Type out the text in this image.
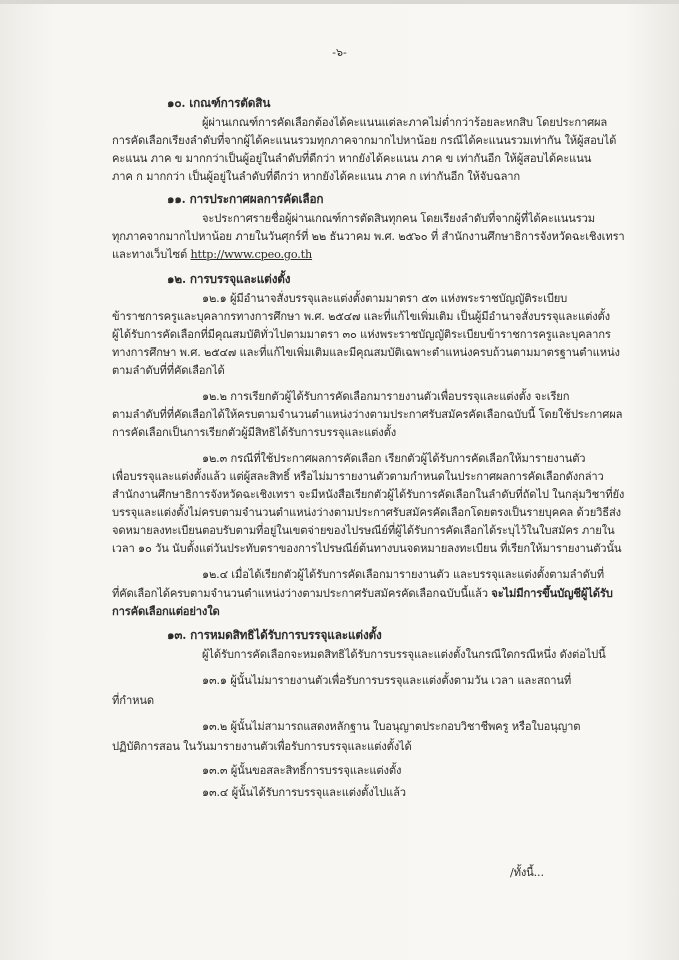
-๖-
๑๐. เกณฑ์การตัดสิน
ผู้ผ่านเกณฑ์การคัดเลือกต้องได้คะแนนแต่ละภาคไม่ต่ำกว่าร้อยละหกสิบ โดยประกาศผล
การคัดเลือกเรียงลำดับที่จากผู้ได้คะแนนรวมทุกภาคจากมากไปหาน้อย กรณีได้คะแนนรวมเท่ากัน ให้ผู้สอบได้
คะแนน ภาค ข มากกว่าเป็นผู้อยู่ในลำดับที่ดีกว่า หากยังได้คะแนน ภาค ข เท่ากันอีก ให้ผู้สอบได้คะแนน
ภาค ก มากกว่า เป็นผู้อยู่ในลำดับที่ดีกว่า หากยังได้คะแนน ภาค ก เท่ากันอีก ให้จับฉลาก
๑๑. การประกาศผลการคัดเลือก
จะประกาศรายชื่อผู้ผ่านเกณฑ์การตัดสินทุกคน โดยเรียงลำดับที่จากผู้ที่ได้คะแนนรวม
ทุกภาคจากมากไปหาน้อย ภายในวันศุกร์ที่ ๒๒ ธันวาคม พ.ศ. ๒๕๖๐ ที่ สำนักงานศึกษาธิการจังหวัดฉะเชิงเทรา
และทางเว็บไซต์ http://www.cpeo.go.th
๑๒. การบรรจุและแต่งตั้ง
๑๒.๑ ผู้มีอำนาจสั่งบรรจุและแต่งตั้งตามมาตรา ๕๓ แห่งพระราชบัญญัติระเบียบ
ข้าราชการครูและบุคลากรทางการศึกษา พ.ศ. ๒๕๔๗ และที่แก้ไขเพิ่มเติม เป็นผู้มีอำนาจสั่งบรรจุและแต่งตั้ง
ผู้ได้รับการคัดเลือกที่มีคุณสมบัติทั่วไปตามมาตรา ๓๐ แห่งพระราชบัญญัติระเบียบข้าราชการครูและบุคลากร
ทางการศึกษา พ.ศ. ๒๕๔๗ และที่แก้ไขเพิ่มเติมและมีคุณสมบัติเฉพาะตำแหน่งครบถ้วนตามมาตรฐานตำแหน่ง
ตามลำดับที่ที่คัดเลือกได้
๑๒.๒ การเรียกตัวผู้ได้รับการคัดเลือกมารายงานตัวเพื่อบรรจุและแต่งตั้ง จะเรียก
ตามลำดับที่ที่คัดเลือกได้ให้ครบตามจำนวนตำแหน่งว่างตามประกาศรับสมัครคัดเลือกฉบับนี้ โดยใช้ประกาศผล
การคัดเลือกเป็นการเรียกตัวผู้มีสิทธิได้รับการบรรจุและแต่งตั้ง
๑๒.๓ กรณีที่ใช้ประกาศผลการคัดเลือก เรียกตัวผู้ได้รับการคัดเลือกให้มารายงานตัว
เพื่อบรรจุและแต่งตั้งแล้ว แต่ผู้สละสิทธิ์ หรือไม่มารายงานตัวตามกำหนดในประกาศผลการคัดเลือกดังกล่าว
สำนักงานศึกษาธิการจังหวัดฉะเชิงเทรา จะมีหนังสือเรียกตัวผู้ได้รับการคัดเลือกในลำดับที่ถัดไป ในกลุ่มวิชาที่ยัง
บรรจุและแต่งตั้งไม่ครบตามจำนวนตำแหน่งว่างตามประกาศรับสมัครคัดเลือกโดยตรงเป็นรายบุคคล ด้วยวิธีส่ง
จดหมายลงทะเบียนตอบรับตามที่อยู่ในเขตจ่ายของไปรษณีย์ที่ผู้ได้รับการคัดเลือกได้ระบุไว้ในใบสมัคร ภายใน
เวลา ๑๐ วัน นับตั้งแต่วันประทับตราของการไปรษณีย์ต้นทางบนจดหมายลงทะเบียน ที่เรียกให้มารายงานตัวนั้น
๑๒.๔ เมื่อได้เรียกตัวผู้ได้รับการคัดเลือกมารายงานตัว และบรรจุและแต่งตั้งตามลำดับที่
ที่คัดเลือกได้ครบตามจำนวนตำแหน่งว่างตามประกาศรับสมัครคัดเลือกฉบับนี้แล้ว จะไม่มีการขึ้นบัญชีผู้ได้รับ
การคัดเลือกแต่อย่างใด
๑๓. การหมดสิทธิได้รับการบรรจุและแต่งตั้ง
ผู้ได้รับการคัดเลือกจะหมดสิทธิได้รับการบรรจุและแต่งตั้งในกรณีใดกรณีหนึ่ง ดังต่อไปนี้
๑๓.๑ ผู้นั้นไม่มารายงานตัวเพื่อรับการบรรจุและแต่งตั้งตามวัน เวลา และสถานที่
ที่กำหนด
๑๓.๒ ผู้นั้นไม่สามารถแสดงหลักฐาน ใบอนุญาตประกอบวิชาชีพครู หรือใบอนุญาต
ปฏิบัติการสอน ในวันมารายงานตัวเพื่อรับการบรรจุและแต่งตั้งได้
๑๓.๓ ผู้นั้นขอสละสิทธิ์การบรรจุและแต่งตั้ง
๑๓.๔ ผู้นั้นได้รับการบรรจุและแต่งตั้งไปแล้ว
/ทั้งนี้...
